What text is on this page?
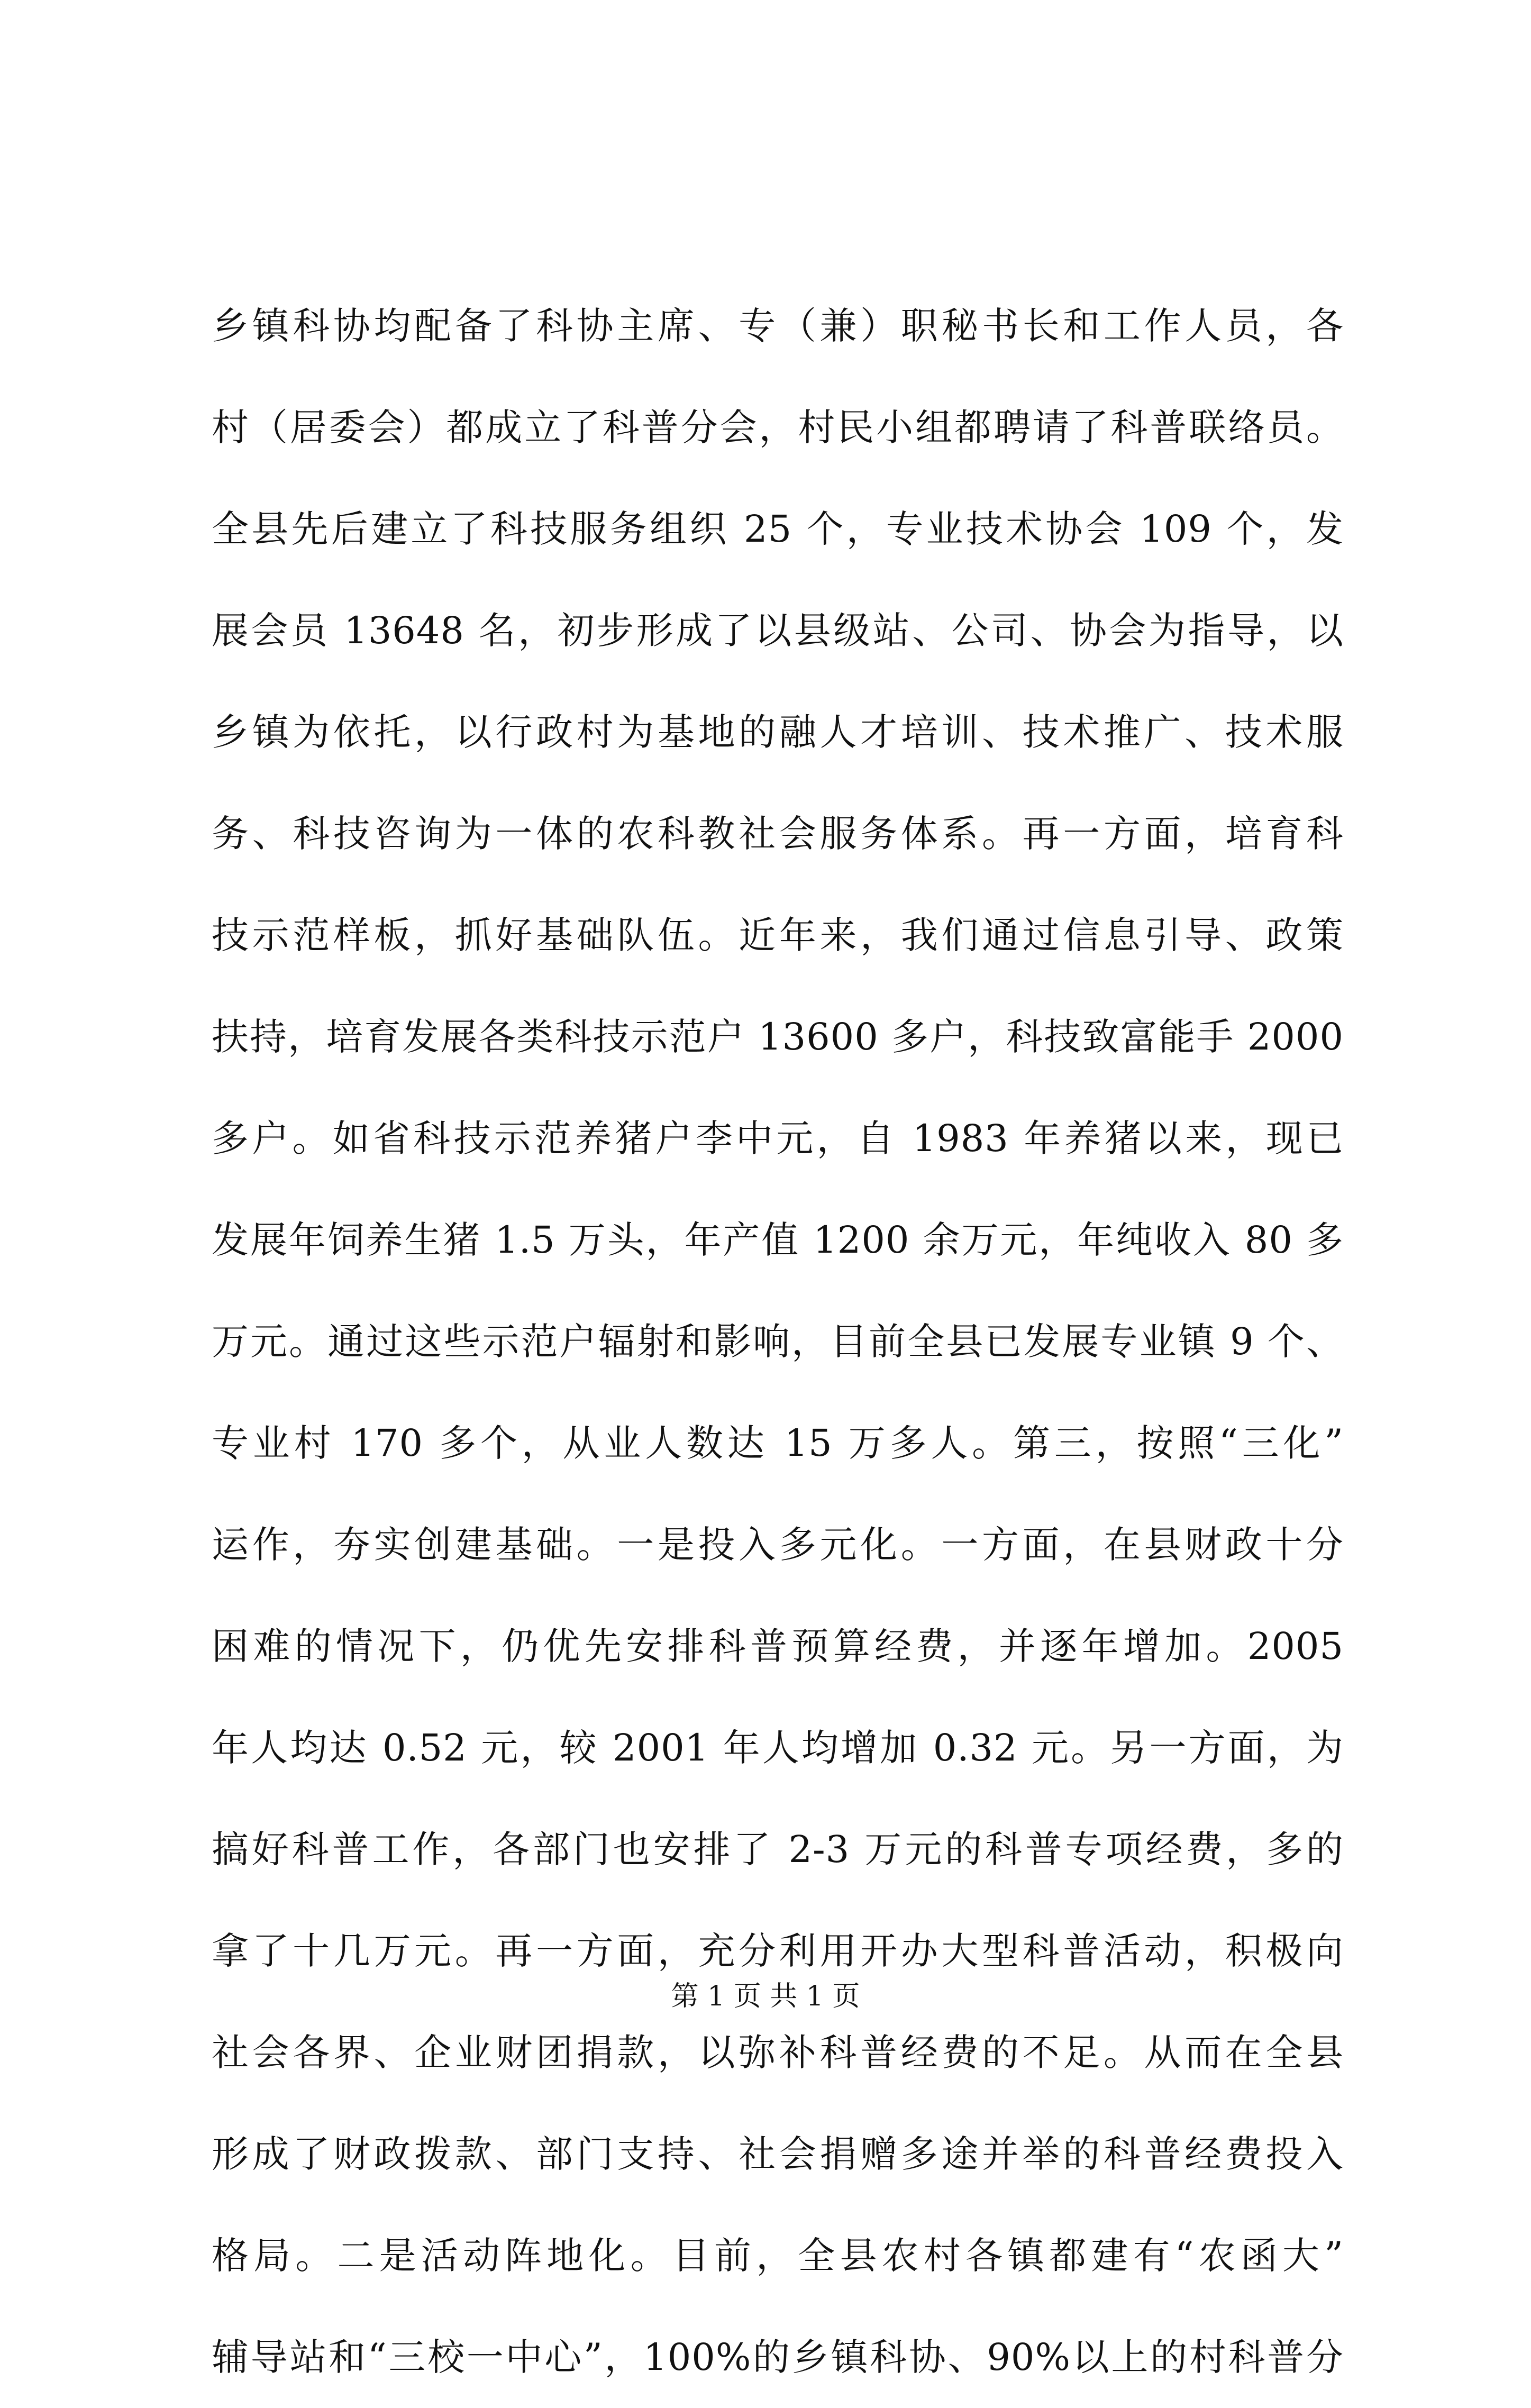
乡镇科协均配备了科协主席、专（兼）职秘书长和工作人员，各
村（居委会）都成立了科普分会，村民小组都聘请了科普联络员。
全县先后建立了科技服务组织 25 个，专业技术协会 109 个，发
展会员 13648 名，初步形成了以县级站、公司、协会为指导，以
乡镇为依托，以行政村为基地的融人才培训、技术推广、技术服
务、科技咨询为一体的农科教社会服务体系。再一方面，培育科
技示范样板，抓好基础队伍。近年来，我们通过信息引导、政策
扶持，培育发展各类科技示范户 13600 多户，科技致富能手 2000
多户。如省科技示范养猪户李中元，自 1983 年养猪以来，现已
发展年饲养生猪 1.5 万头，年产值 1200 余万元，年纯收入 80 多
万元。通过这些示范户辐射和影响，目前全县已发展专业镇 9 个、
专业村 170 多个，从业人数达 15 万多人。第三，按照“三化”
运作，夯实创建基础。一是投入多元化。一方面，在县财政十分
困难的情况下，仍优先安排科普预算经费，并逐年增加。2005
年人均达 0.52 元，较 2001 年人均增加 0.32 元。另一方面，为
搞好科普工作，各部门也安排了 2-3 万元的科普专项经费，多的
拿了十几万元。再一方面，充分利用开办大型科普活动，积极向
社会各界、企业财团捐款，以弥补科普经费的不足。从而在全县
形成了财政拨款、部门支持、社会捐赠多途并举的科普经费投入
格局。二是活动阵地化。目前，全县农村各镇都建有“农函大”
辅导站和“三校一中心”，100%的乡镇科协、90%以上的村科普分
第 1 页 共 1 页
